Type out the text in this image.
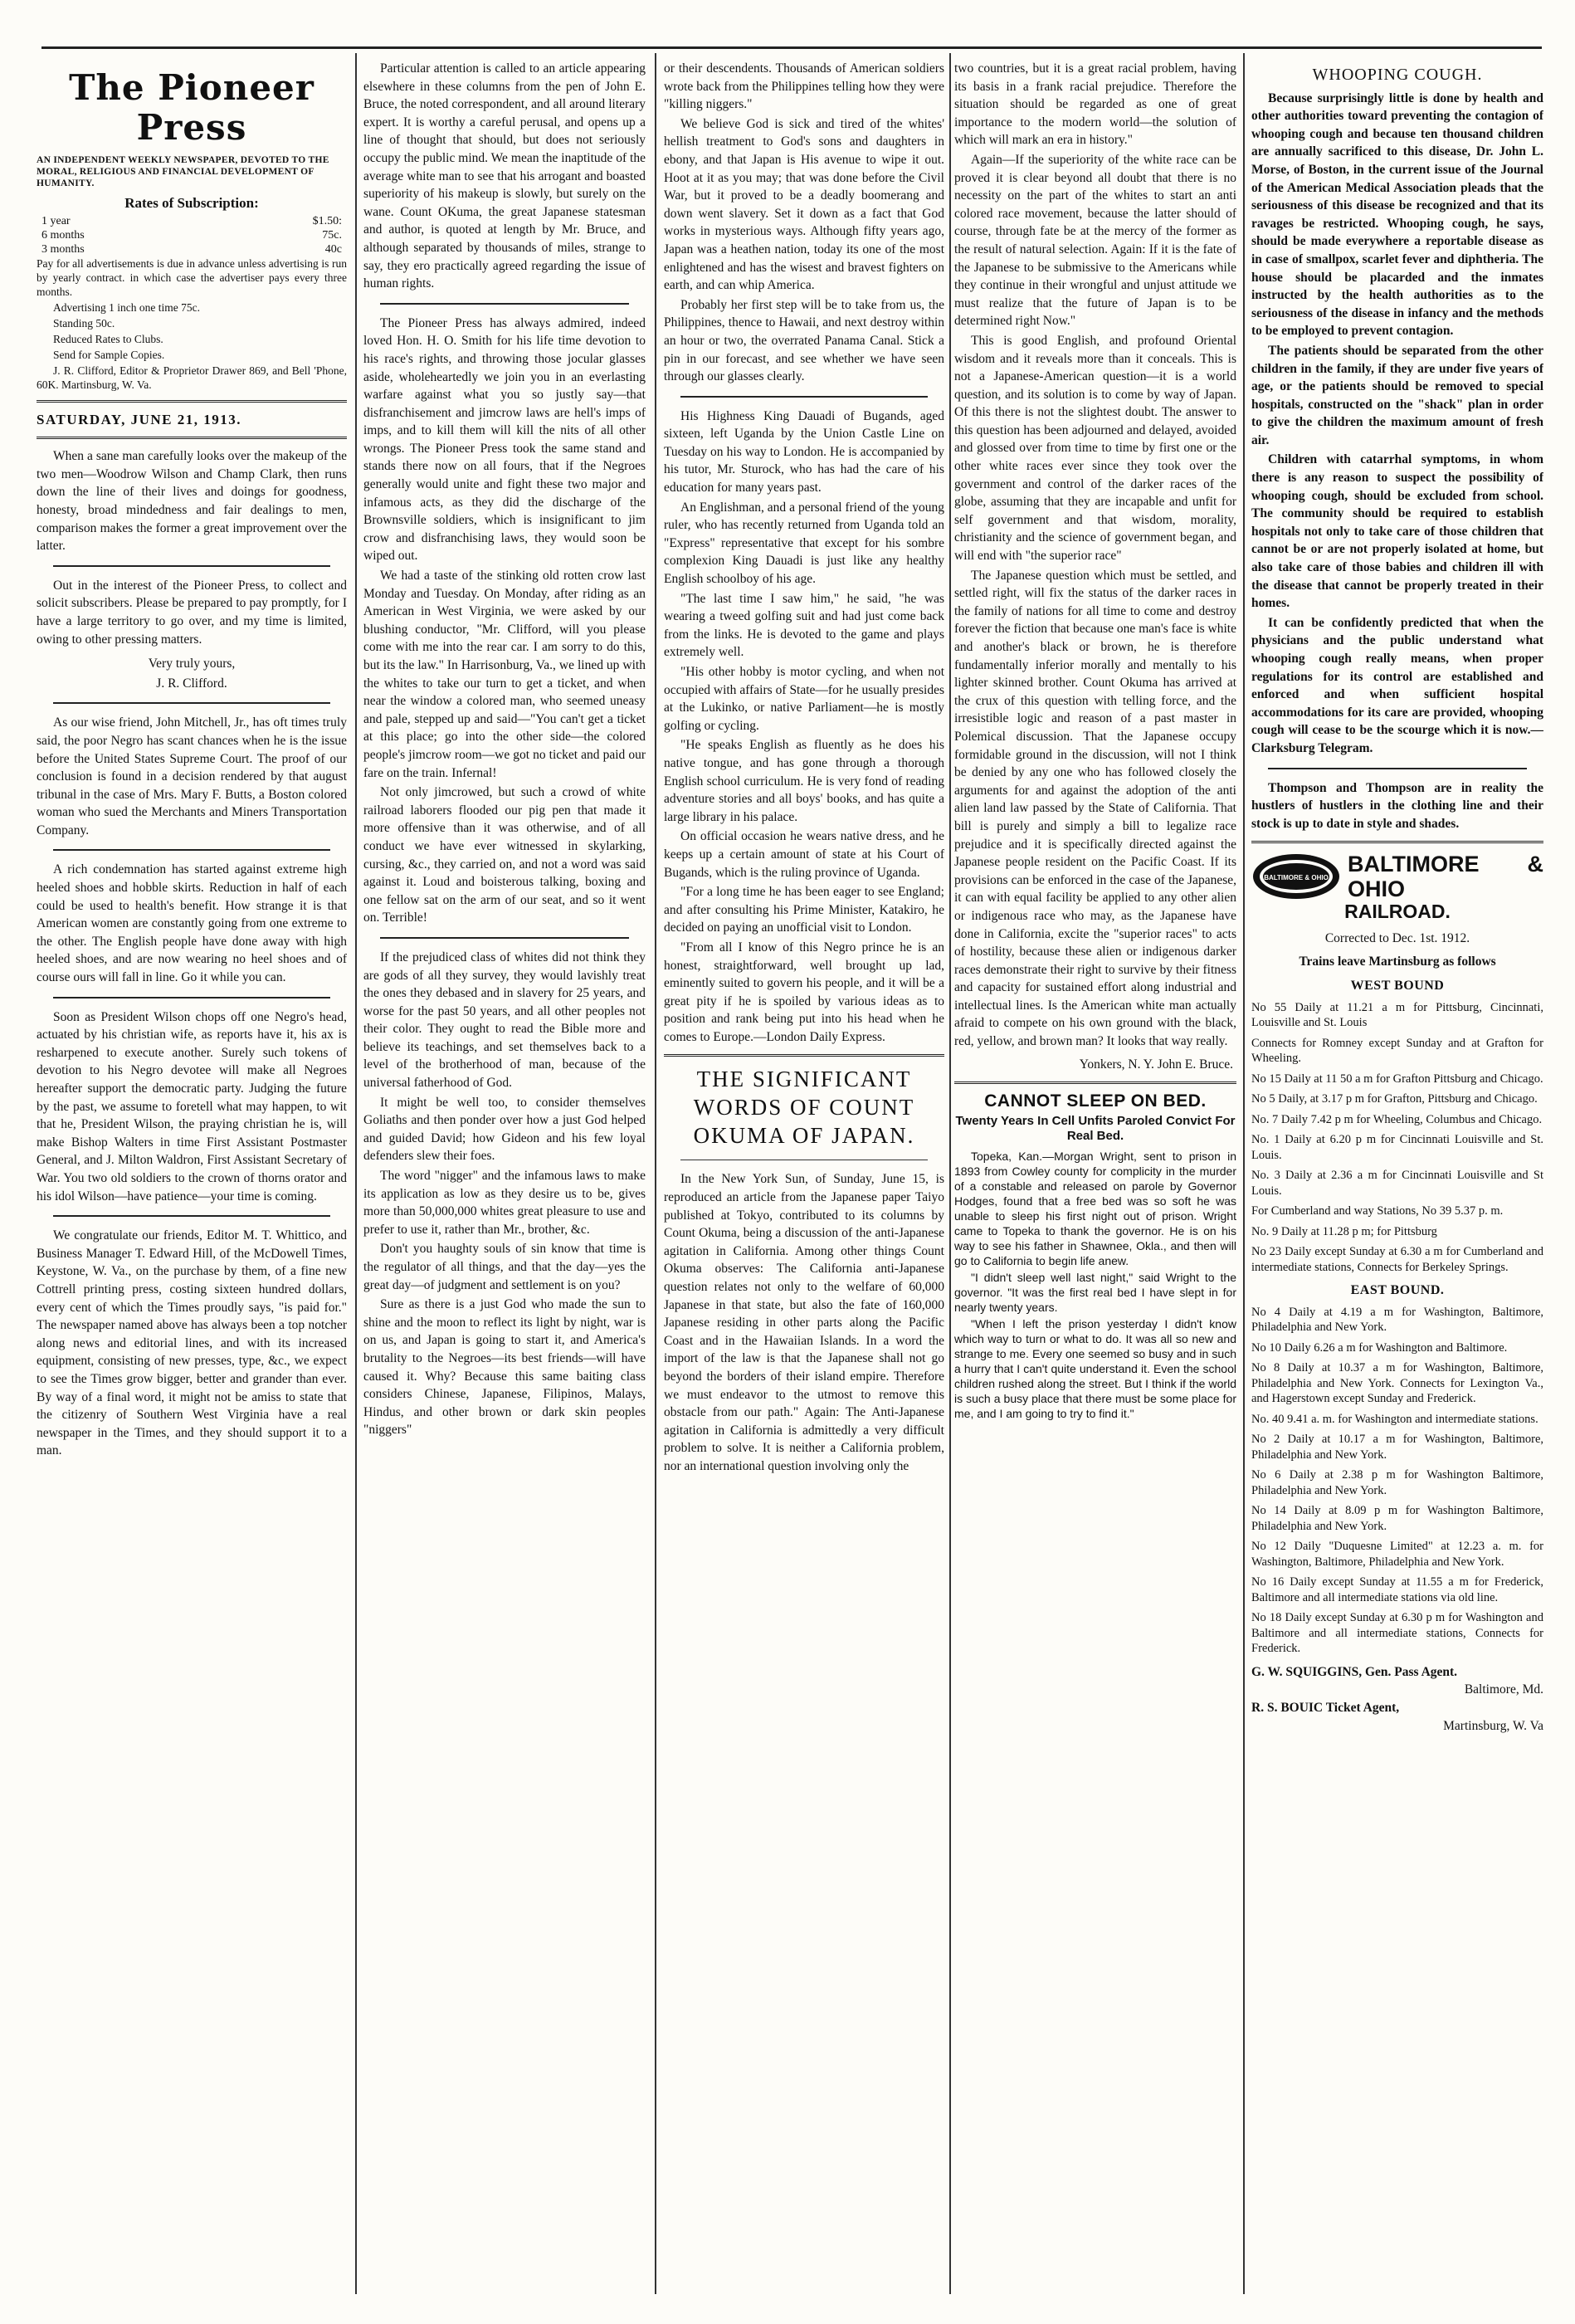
The Pioneer Press
AN INDEPENDENT WEEKLY NEWSPAPER, DEVOTED TO THE MORAL, RELIGIOUS AND FINANCIAL DEVELOPMENT OF HUMANITY.
Rates of Subscription:
1 year	$1.50:
6 months	75c.
3 months	40c

Pay for all advertisements is due in advance unless advertising is run by yearly contract. in which case the advertiser pays every three months.

Advertising 1 inch one time 75c.

Standing 50c.

Reduced Rates to Clubs.

Send for Sample Copies.

J. R. Clifford, Editor & Proprietor Drawer 869, and Bell 'Phone, 60K. Martinsburg, W. Va.

SATURDAY, JUNE 21, 1913.

When a sane man carefully looks over the makeup of the two men—Woodrow Wilson and Champ Clark, then runs down the line of their lives and doings for goodness, honesty, broad mindedness and fair dealings to men, comparison makes the former a great improvement over the latter.

Out in the interest of the Pioneer Press, to collect and solicit subscribers. Please be prepared to pay promptly, for I have a large territory to go over, and my time is limited, owing to other pressing matters.

Very truly yours,
J. R. Clifford.

As our wise friend, John Mitchell, Jr., has oft times truly said, the poor Negro has scant chances when he is the issue before the United States Supreme Court. The proof of our conclusion is found in a decision rendered by that august tribunal in the case of Mrs. Mary F. Butts, a Boston colored woman who sued the Merchants and Miners Transportation Company.

A rich condemnation has started against extreme high heeled shoes and hobble skirts. Reduction in half of each could be used to health's benefit. How strange it is that American women are constantly going from one extreme to the other. The English people have done away with high heeled shoes, and are now wearing no heel shoes and of course ours will fall in line. Go it while you can.

Soon as President Wilson chops off one Negro's head, actuated by his christian wife, as reports have it, his ax is resharpened to execute another. Surely such tokens of devotion to his Negro devotee will make all Negroes hereafter support the democratic party. Judging the future by the past, we assume to foretell what may happen, to wit that he, President Wilson, the praying christian he is, will make Bishop Walters in time First Assistant Postmaster General, and J. Milton Waldron, First Assistant Secretary of War. You two old soldiers to the crown of thorns orator and his idol Wilson—have patience—your time is coming.

We congratulate our friends, Editor M. T. Whittico, and Business Manager T. Edward Hill, of the McDowell Times, Keystone, W. Va., on the purchase by them, of a fine new Cottrell printing press, costing sixteen hundred dollars, every cent of which the Times proudly says, "is paid for." The newspaper named above has always been a top notcher along news and editorial lines, and with its increased equipment, consisting of new presses, type, &c., we expect to see the Times grow bigger, better and grander than ever. By way of a final word, it might not be amiss to state that the citizenry of Southern West Virginia have a real newspaper in the Times, and they should support it to a man.

Particular attention is called to an article appearing elsewhere in these columns from the pen of John E. Bruce, the noted correspondent, and all around literary expert. It is worthy a careful perusal, and opens up a line of thought that should, but does not seriously occupy the public mind. We mean the inaptitude of the average white man to see that his arrogant and boasted superiority of his makeup is slowly, but surely on the wane. Count OKuma, the great Japanese statesman and author, is quoted at length by Mr. Bruce, and although separated by thousands of miles, strange to say, they ero practically agreed regarding the issue of human rights.

The Pioneer Press has always admired, indeed loved Hon. H. O. Smith for his life time devotion to his race's rights, and throwing those jocular glasses aside, wholeheartedly we join you in an everlasting warfare against what you so justly say—that disfranchisement and jimcrow laws are hell's imps of imps, and to kill them will kill the nits of all other wrongs. The Pioneer Press took the same stand and stands there now on all fours, that if the Negroes generally would unite and fight these two major and infamous acts, as they did the discharge of the Brownsville soldiers, which is insignificant to jim crow and disfranchising laws, they would soon be wiped out.

We had a taste of the stinking old rotten crow last Monday and Tuesday. On Monday, after riding as an American in West Virginia, we were asked by our blushing conductor, "Mr. Clifford, will you please come with me into the rear car. I am sorry to do this, but its the law." In Harrisonburg, Va., we lined up with the whites to take our turn to get a ticket, and when near the window a colored man, who seemed uneasy and pale, stepped up and said—"You can't get a ticket at this place; go into the other side—the colored people's jimcrow room—we got no ticket and paid our fare on the train. Infernal!

Not only jimcrowed, but such a crowd of white railroad laborers flooded our pig pen that made it more offensive than it was otherwise, and of all conduct we have ever witnessed in skylarking, cursing, &c., they carried on, and not a word was said against it. Loud and boisterous talking, boxing and one fellow sat on the arm of our seat, and so it went on. Terrible!

If the prejudiced class of whites did not think they are gods of all they survey, they would lavishly treat the ones they debased and in slavery for 25 years, and worse for the past 50 years, and all other peoples not their color. They ought to read the Bible more and believe its teachings, and set themselves back to a level of the brotherhood of man, because of the universal fatherhood of God.

It might be well too, to consider themselves Goliaths and then ponder over how a just God helped and guided David; how Gideon and his few loyal defenders slew their foes.

The word "nigger" and the infamous laws to make its application as low as they desire us to be, gives more than 50,000,000 whites great pleasure to use and prefer to use it, rather than Mr., brother, &c.

Don't you haughty souls of sin know that time is the regulator of all things, and that the day—yes the great day—of judgment and settlement is on you?

Sure as there is a just God who made the sun to shine and the moon to reflect its light by night, war is on us, and Japan is going to start it, and America's brutality to the Negroes—its best friends—will have caused it. Why? Because this same baiting class considers Chinese, Japanese, Filipinos, Malays, Hindus, and other brown or dark skin peoples "niggers"

or their descendents. Thousands of American soldiers wrote back from the Philippines telling how they were "killing niggers."

We believe God is sick and tired of the whites' hellish treatment to God's sons and daughters in ebony, and that Japan is His avenue to wipe it out. Hoot at it as you may; that was done before the Civil War, but it proved to be a deadly boomerang and down went slavery. Set it down as a fact that God works in mysterious ways. Although fifty years ago, Japan was a heathen nation, today its one of the most enlightened and has the wisest and bravest fighters on earth, and can whip America.

Probably her first step will be to take from us, the Philippines, thence to Hawaii, and next destroy within an hour or two, the overrated Panama Canal. Stick a pin in our forecast, and see whether we have seen through our glasses clearly.

His Highness King Dauadi of Bugands, aged sixteen, left Uganda by the Union Castle Line on Tuesday on his way to London. He is accompanied by his tutor, Mr. Sturock, who has had the care of his education for many years past.

An Englishman, and a personal friend of the young ruler, who has recently returned from Uganda told an "Express" representative that except for his sombre complexion King Dauadi is just like any healthy English schoolboy of his age.

"The last time I saw him," he said, "he was wearing a tweed golfing suit and had just come back from the links. He is devoted to the game and plays extremely well.

"His other hobby is motor cycling, and when not occupied with affairs of State—for he usually presides at the Lukinko, or native Parliament—he is mostly golfing or cycling.

"He speaks English as fluently as he does his native tongue, and has gone through a thorough English school curriculum. He is very fond of reading adventure stories and all boys' books, and has quite a large library in his palace.

On official occasion he wears native dress, and he keeps up a certain amount of state at his Court of Bugands, which is the ruling province of Uganda.

"For a long time he has been eager to see England; and after consulting his Prime Minister, Katakiro, he decided on paying an unofficial visit to London.

"From all I know of this Negro prince he is an honest, straightforward, well brought up lad, eminently suited to govern his people, and it will be a great pity if he is spoiled by various ideas as to position and rank being put into his head when he comes to Europe.—London Daily Express.

THE SIGNIFICANT WORDS OF COUNT OKUMA OF JAPAN.

In the New York Sun, of Sunday, June 15, is reproduced an article from the Japanese paper Taiyo published at Tokyo, contributed to its columns by Count Okuma, being a discussion of the anti-Japanese agitation in California. Among other things Count Okuma observes: The California anti-Japanese question relates not only to the welfare of 60,000 Japanese in that state, but also the fate of 160,000 Japanese residing in other parts along the Pacific Coast and in the Hawaiian Islands. In a word the import of the law is that the Japanese shall not go beyond the borders of their island empire. Therefore we must endeavor to the utmost to remove this obstacle from our path." Again: The Anti-Japanese agitation in California is admittedly a very difficult problem to solve. It is neither a California problem, nor an international question involving only the

two countries, but it is a great racial problem, having its basis in a frank racial prejudice. Therefore the situation should be regarded as one of great importance to the modern world—the solution of which will mark an era in history."

Again—If the superiority of the white race can be proved it is clear beyond all doubt that there is no necessity on the part of the whites to start an anti colored race movement, because the latter should of course, through fate be at the mercy of the former as the result of natural selection. Again: If it is the fate of the Japanese to be submissive to the Americans while they continue in their wrongful and unjust attitude we must realize that the future of Japan is to be determined right Now."

This is good English, and profound Oriental wisdom and it reveals more than it conceals. This is not a Japanese-American question—it is a world question, and its solution is to come by way of Japan. Of this there is not the slightest doubt. The answer to this question has been adjourned and delayed, avoided and glossed over from time to time by first one or the other white races ever since they took over the government and control of the darker races of the globe, assuming that they are incapable and unfit for self government and that wisdom, morality, christianity and the science of government began, and will end with "the superior race"

The Japanese question which must be settled, and settled right, will fix the status of the darker races in the family of nations for all time to come and destroy forever the fiction that because one man's face is white and another's black or brown, he is therefore fundamentally inferior morally and mentally to his lighter skinned brother. Count Okuma has arrived at the crux of this question with telling force, and the irresistible logic and reason of a past master in Polemical discussion. That the Japanese occupy formidable ground in the discussion, will not I think be denied by any one who has followed closely the arguments for and against the adoption of the anti alien land law passed by the State of California. That bill is purely and simply a bill to legalize race prejudice and it is specifically directed against the Japanese people resident on the Pacific Coast. If its provisions can be enforced in the case of the Japanese, it can with equal facility be applied to any other alien or indigenous race who may, as the Japanese have done in California, excite the "superior races" to acts of hostility, because these alien or indigenous darker races demonstrate their right to survive by their fitness and capacity for sustained effort along industrial and intellectual lines. Is the American white man actually afraid to compete on his own ground with the black, red, yellow, and brown man? It looks that way really.

Yonkers, N. Y. John E. Bruce.
CANNOT SLEEP ON BED.
Twenty Years In Cell Unfits Paroled Convict For Real Bed.

Topeka, Kan.—Morgan Wright, sent to prison in 1893 from Cowley county for complicity in the murder of a constable and released on parole by Governor Hodges, found that a free bed was so soft he was unable to sleep his first night out of prison. Wright came to Topeka to thank the governor. He is on his way to see his father in Shawnee, Okla., and then will go to California to begin life anew.

"I didn't sleep well last night," said Wright to the governor. "It was the first real bed I have slept in for nearly twenty years.

"When I left the prison yesterday I didn't know which way to turn or what to do. It was all so new and strange to me. Every one seemed so busy and in such a hurry that I can't quite understand it. Even the school children rushed along the street. But I think if the world is such a busy place that there must be some place for me, and I am going to try to find it."

WHOOPING COUGH.

Because surprisingly little is done by health and other authorities toward preventing the contagion of whooping cough and because ten thousand children are annually sacrificed to this disease, Dr. John L. Morse, of Boston, in the current issue of the Journal of the American Medical Association pleads that the seriousness of this disease be recognized and that its ravages be restricted. Whooping cough, he says, should be made everywhere a reportable disease as in case of smallpox, scarlet fever and diphtheria. The house should be placarded and the inmates instructed by the health authorities as to the seriousness of the disease in infancy and the methods to be employed to prevent contagion.

The patients should be separated from the other children in the family, if they are under five years of age, or the patients should be removed to special hospitals, constructed on the "shack" plan in order to give the children the maximum amount of fresh air.

Children with catarrhal symptoms, in whom there is any reason to suspect the possibility of whooping cough, should be excluded from school. The community should be required to establish hospitals not only to take care of those children that cannot be or are not properly isolated at home, but also take care of those babies and children ill with the disease that cannot be properly treated in their homes.

It can be confidently predicted that when the physicians and the public understand what whooping cough really means, when proper regulations for its control are established and enforced and when sufficient hospital accommodations for its care are provided, whooping cough will cease to be the scourge which it is now.—Clarksburg Telegram.

Thompson and Thompson are in reality the hustlers of hustlers in the clothing line and their stock is up to date in style and shades.

BALTIMORE & OHIO
BALTIMORE & OHIO
RAILROAD.
Corrected to Dec. 1st. 1912.
Trains leave Martinsburg as follows
WEST BOUND

No 55 Daily at 11.21 a m for Pittsburg, Cincinnati, Louisville and St. Louis

Connects for Romney except Sunday and at Grafton for Wheeling.

No 15 Daily at 11 50 a m for Grafton Pittsburg and Chicago.

No 5 Daily, at 3.17 p m for Grafton, Pittsburg and Chicago.

No. 7 Daily 7.42 p m for Wheeling, Columbus and Chicago.

No. 1 Daily at 6.20 p m for Cincinnati Louisville and St. Louis.

No. 3 Daily at 2.36 a m for Cincinnati Louisville and St Louis.

For Cumberland and way Stations, No 39 5.37 p. m.

No. 9 Daily at 11.28 p m; for Pittsburg

No 23 Daily except Sunday at 6.30 a m for Cumberland and intermediate stations, Connects for Berkeley Springs.

EAST BOUND.

No 4 Daily at 4.19 a m for Washington, Baltimore, Philadelphia and New York.

No 10 Daily 6.26 a m for Washington and Baltimore.

No 8 Daily at 10.37 a m for Washington, Baltimore, Philadelphia and New York. Connects for Lexington Va., and Hagerstown except Sunday and Frederick.

No. 40 9.41 a. m. for Washington and intermediate stations.

No 2 Daily at 10.17 a m for Washington, Baltimore, Philadelphia and New York.

No 6 Daily at 2.38 p m for Washington Baltimore, Philadelphia and New York.

No 14 Daily at 8.09 p m for Washington Baltimore, Philadelphia and New York.

No 12 Daily "Duquesne Limited" at 12.23 a. m. for Washington, Baltimore, Philadelphia and New York.

No 16 Daily except Sunday at 11.55 a m for Frederick, Baltimore and all intermediate stations via old line.

No 18 Daily except Sunday at 6.30 p m for Washington and Baltimore and all intermediate stations, Connects for Frederick.

G. W. SQUIGGINS, Gen. Pass Agent.
Baltimore, Md.
R. S. BOUIC Ticket Agent,
Martinsburg, W. Va
